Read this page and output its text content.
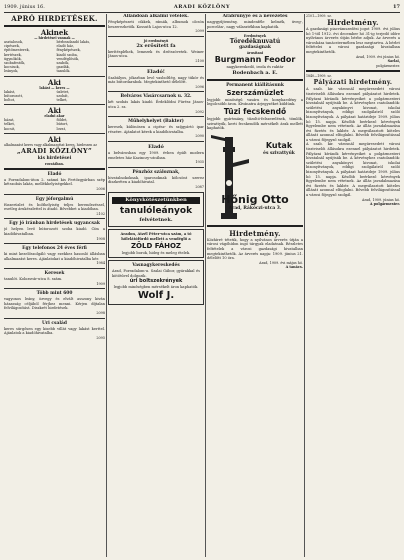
1909. június 16.	ARADI KÖZLÖNY	17
APRÓ HIRDETÉSEK.
Akinek
— hirdetései vannak —
asztalosok,	bérbeadandó lakás,
cipészek,	eladó ház,
építőmesterek,	fényképészek,
kertészek,	kiadó szoba,
ügynökök,	vendéglősök,
szobafestők,	szabók,
kocsisok,	gazdák,
leányok,	tanulók.
Aki
lakást — keres —
lakást,	üzletet,
bútorozott,	szobát,
boltot,	telket,
Aki
eladni akar
házat,	földet,
telket,	bútort,
kocsit,	lovat,
Aki

alkalmazást keres vagy alkalmazottat keres, hirdessen az

„ARADI KÖZLÖNY”
kis hirdetései
rovatában.
Eladó

a Forradalom-úton 2. számú kis Fertőzgyárban szép kétszobás lakás, mellékhelyiségekkel.

2006
Egy jóforgalmú

füszerüzlet és bolthelyiség teljes berendezéssel, esetleg árukészlettel is átadó. Bővebbet a kiadóban.

2102
Egy jó iránban hirdetések ugyancsak

jó helyen levő bútorozott szoba kiadó. Cím a kiadóhivatalban.

1908
Egy telefonos 24 éves férfi

ki mint kezelőszolgáló vagy ezekhez hasonló állásban alkalmazást keres. Ajánlatokat a kiadóhivatalba kér.

1984
Keresek

tanulót. Kolozsvár-utca 8. szám.

1909
Több mint 600

vagyonos leány, özvegy és elvált asszony kiván házasság céljából férjhez menni. Kérjen díjtalan felvilágosítást. Diszkrét hirdetések.

2098
Uri család

keres sürgősen egy kisebb villát vagy lakást kerttel. Ajánlatok a kiadóhivatalba.

2095
Állandóan alkalmi vételek.

Fényképészeti cikkek, rámák, albumok olcsón beszerezhetők. Kossuth Lajos-utca 12.

2099
Jó eredményü
2x erősített fa

kerítéspléhek, lemezek és drótszövetek. Weiner János-utca.

2100
Eladó!

Szabályos, jókarban levő vasboltlég, nagy tükör és más bútordarabok. Megtekinthető délelőtt.

2096
Belváros Vásárcsarnok u. 32.

két szobás lakás kiadó. Érdeklődni Fürész János-utca 2. sz.

2092
Műhelyhelyet (Bakter)

keresek, különösen a cipész- és szíjgyártó ipar részére. Ajánlatot kérek a kiadóhivatalba.

2090
Eladó

a belvárosban egy 1909. évben épült modern emeletes ház Kazinczy-utcában.

1935
Pénzhöz száloznak,

hivatalnokoknak, iparosoknak kölcsönt szerez diszkréten a kiadóhivatal.

2087
Könyvkötészetünkben
tanulóleányok
felvétetnek.

Aradon, Atzél Péter-utca szám, a tó hőlelátófürdő mellett a vendéglő a

ZÖLD FÁHOZ

legjobb borok, hideg és meleg ételek.

Vasnagykereskedés

Arad, Forradalom-u. Szalai Gábor, gyárakkal és kötőtűvel dolgozik.

úri boltszekrények

legjobb minőségben mérsékelt áron kaphatók.

Wolf J.
Arabrunyye és a nevezetes

nagygyűjtemény, mindenféle kelmék, üveg-, porcelán-, nagy választékban kaphatók.

Eredmények
Töredéknuvatú
gazdaságnak
árusítani
Burgmann Feodor

nagykereskedő, iroda és raktár

Bodenbach a. E.
Permanent kiállításunk
Szerszámüzlet

legjobb minőségű vasáru és konyhaedény a legolcsóbb áron. Kívánatra árjegyzéket küldünk.

Tüzi fecskendő

legjobb gyártmány, tűzoltó-felszerelések, tömlők, szivattyúk, kerti fecskendők mérsékelt árak mellett kaphatók.

Kutak
és szivattyúk
Hőnig Otto
Arad, Rákóczi-utca 3.
Hirdetmény.

Közhírré tétetik, hogy a nyilvános árverés útján a városi vágóhídon ingó tárgyak eladatnak. Részletes feltételek a városi gazdasági hivatalban megtekinthetők. Az árverés napja: 1909. június 21. délelőtt 10 óra.

Arad, 1909. évi május hó.
A tanács.
2101—1909. sz.
Hirdetmény.

A gazdasági piacvámszedési jogot 1909. évi július hó 1-től 1912. évi december hó 31-ig terjedő időre nyilvános árverés útján bérbe adjuk. Az árverés a városháza tanácstermében lesz megtartva. A bérlet feltételei a városi gazdasági hivatalban megtekinthetők.

Arad, 1909. évi június hó.
Sarlai,
polgármester.
1840—1909. sz.
Pályázati hirdetmény.

A szab. kir. városnál megüresedett városi tisztviselői állásokra ezennel pályázatot hirdetek. Pályázni kívánók kérvényeiket a polgármesteri hivatalnál nyújtsák be. A kérvényhez csatolandók: születési anyakönyvi kivonat, iskolai bizonyítványok, eddigi szolgálatról szóló bizonyítványok. A pályázat határideje 1909. július hó 15. napja. Később beérkező kérvények figyelembe nem vétetnek. Az állás javadalmazása évi fizetés és lakbér. A megválasztott köteles állását azonnal elfoglalni. Bővebb felvilágosítással a városi főjegyző szolgál.

A szab. kir. városnál megüresedett városi tisztviselői állásokra ezennel pályázatot hirdetek. Pályázni kívánók kérvényeiket a polgármesteri hivatalnál nyújtsák be. A kérvényhez csatolandók: születési anyakönyvi kivonat, iskolai bizonyítványok, eddigi szolgálatról szóló bizonyítványok. A pályázat határideje 1909. július hó 15. napja. Később beérkező kérvények figyelembe nem vétetnek. Az állás javadalmazása évi fizetés és lakbér. A megválasztott köteles állását azonnal elfoglalni. Bővebb felvilágosítással a városi főjegyző szolgál.

Arad, 1909. június hó.
A polgármester.
